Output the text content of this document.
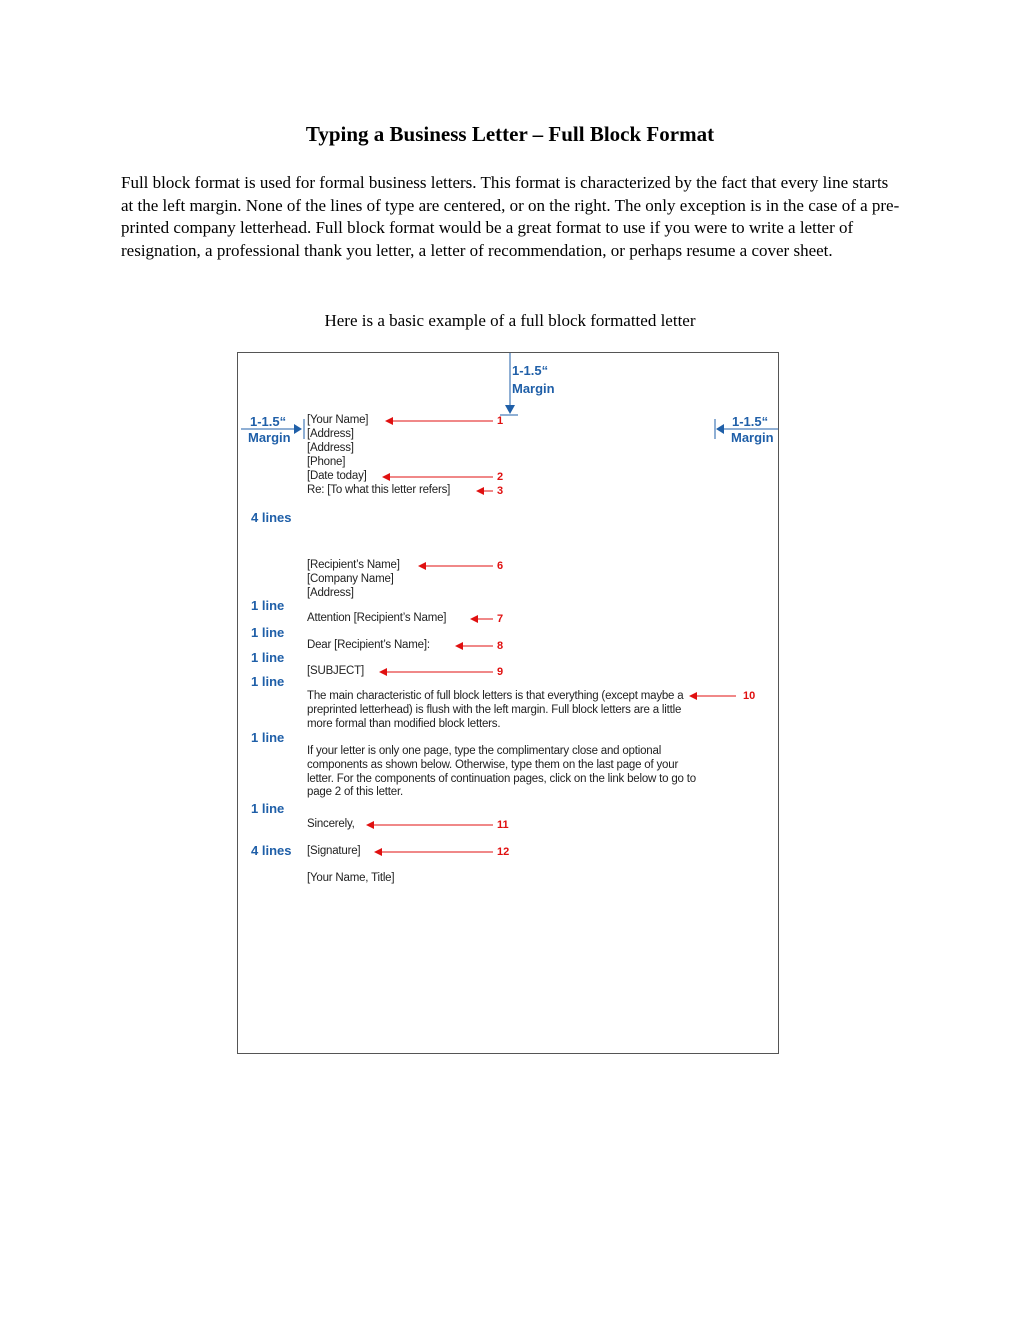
Typing a Business Letter – Full Block Format
Full block format is used for formal business letters. This format is characterized by the fact that every line starts at the left margin. None of the lines of type are centered, or on the right. The only exception is in the case of a pre-printed company letterhead. Full block format would be a great format to use if you were to write a letter of resignation, a professional thank you letter, a letter of recommendation, or perhaps resume a cover sheet.
Here is a basic example of a full block formatted letter
1-1.5“
Margin
1-1.5“
Margin
1-1.5“
Margin
[Your Name]
[Address]
[Address]
[Phone]
[Date today]
Re: [To what this letter refers]
[Recipient’s Name]
[Company Name]
[Address]
Attention [Recipient’s Name]
Dear [Recipient’s Name]:
[SUBJECT]
The main characteristic of full block letters is that everything (except maybe a preprinted letterhead) is flush with the left margin. Full block letters are a little more formal than modified block letters.
If your letter is only one page, type the complimentary close and optional components as shown below. Otherwise, type them on the last page of your letter. For the components of continuation pages, click on the link below to go to page 2 of this letter.
Sincerely,
[Signature]
[Your Name, Title]
4 lines
1 line
1 line
1 line
1 line
1 line
1 line
4 lines
1
2
3
6
7
8
9
10
11
12
